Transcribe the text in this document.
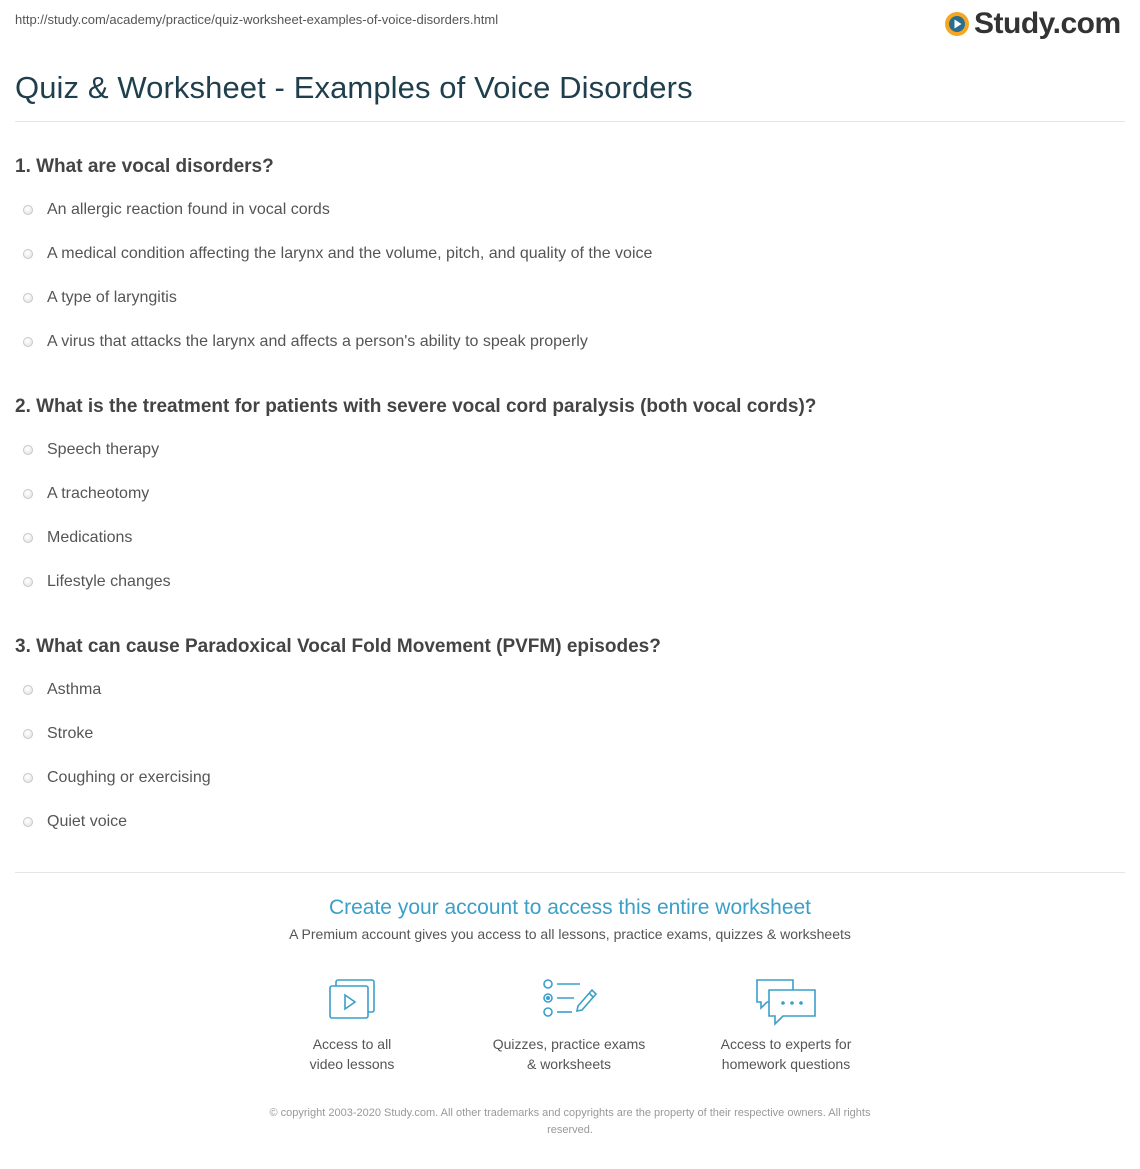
http://study.com/academy/practice/quiz-worksheet-examples-of-voice-disorders.html	Study.com
Quiz & Worksheet - Examples of Voice Disorders
1. What are vocal disorders?
An allergic reaction found in vocal cords
A medical condition affecting the larynx and the volume, pitch, and quality of the voice
A type of laryngitis
A virus that attacks the larynx and affects a person's ability to speak properly
2. What is the treatment for patients with severe vocal cord paralysis (both vocal cords)?
Speech therapy
A tracheotomy
Medications
Lifestyle changes
3. What can cause Paradoxical Vocal Fold Movement (PVFM) episodes?
Asthma
Stroke
Coughing or exercising
Quiet voice
Create your account to access this entire worksheet
A Premium account gives you access to all lessons, practice exams, quizzes & worksheets
Access to all
video lessons
Quizzes, practice exams
& worksheets
Access to experts for
homework questions
© copyright 2003-2020 Study.com. All other trademarks and copyrights are the property of their respective owners. All rights
reserved.
